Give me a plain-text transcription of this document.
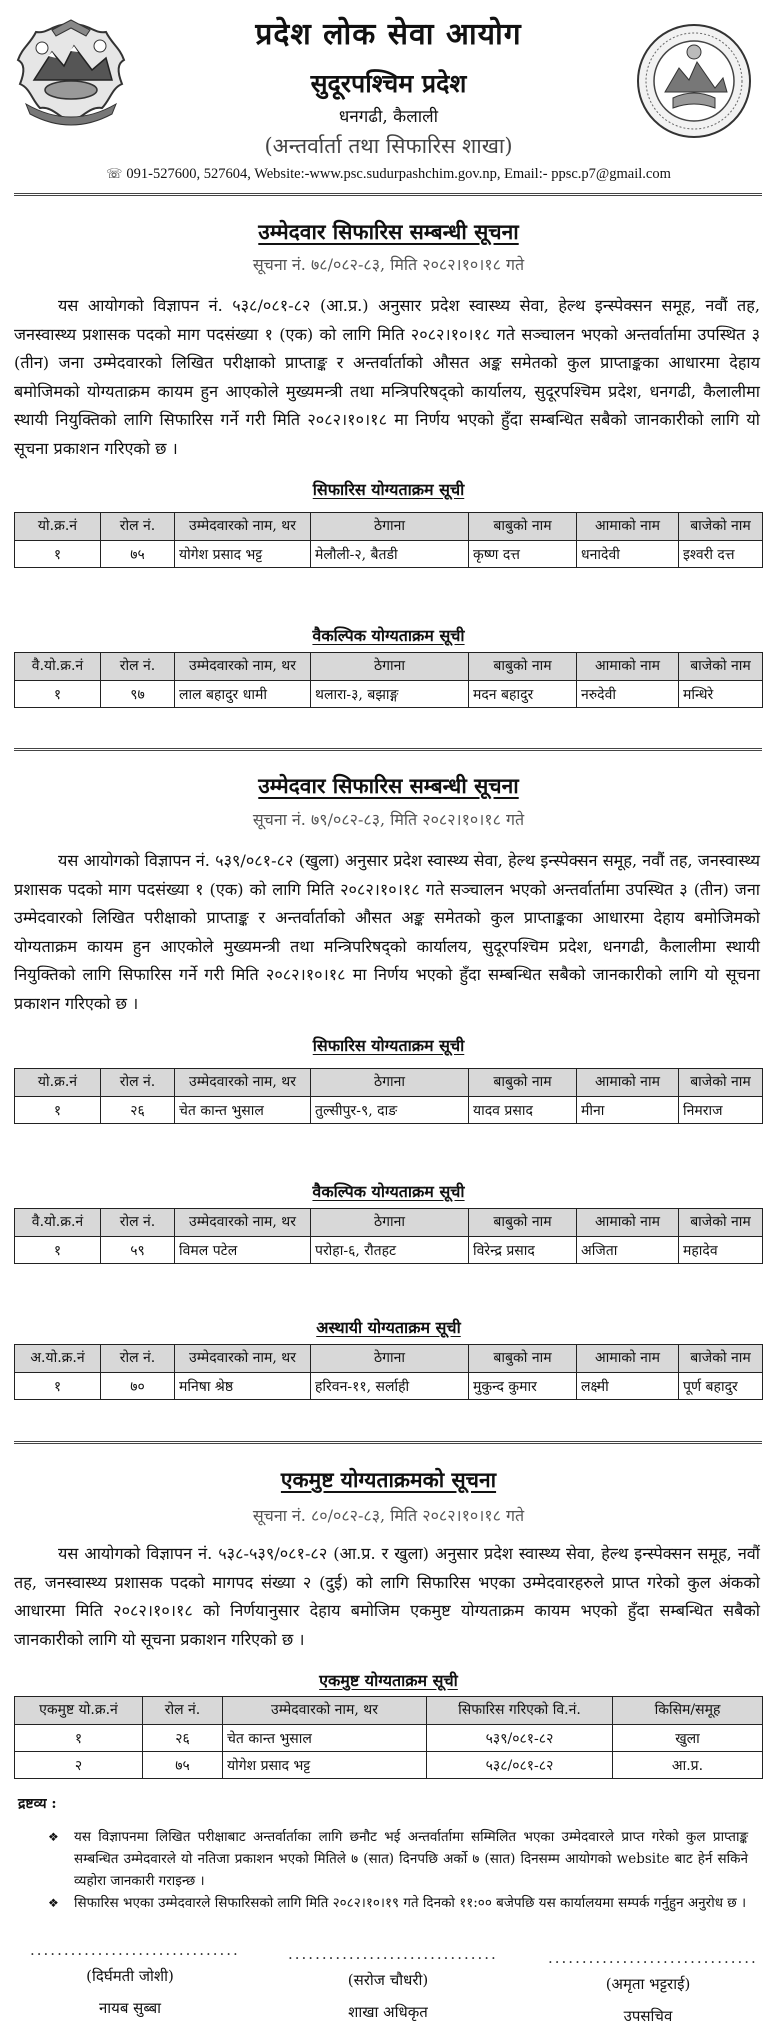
प्रदेश लोक सेवा आयोग
सुदूरपश्चिम प्रदेश
धनगढी, कैलाली
(अन्तर्वार्ता तथा सिफारिस शाखा)
☏ 091-527600, 527604, Website:-www.psc.sudurpashchim.gov.np, Email:- ppsc.p7@gmail.com
उम्मेदवार सिफारिस सम्बन्धी सूचना
सूचना नं. ७८/०८२-८३, मिति २०८२।१०।१८ गते

यस आयोगको विज्ञापन नं. ५३८/०८१-८२ (आ.प्र.) अनुसार प्रदेश स्वास्थ्य सेवा, हेल्थ इन्स्पेक्सन समूह, नवौं तह, जनस्वास्थ्य प्रशासक पदको माग पदसंख्या १ (एक) को लागि मिति २०८२।१०।१८ गते सञ्चालन भएको अन्तर्वार्तामा उपस्थित ३ (तीन) जना उम्मेदवारको लिखित परीक्षाको प्राप्ताङ्क र अन्तर्वार्ताको औसत अङ्क समेतको कुल प्राप्ताङ्कका आधारमा देहाय बमोजिमको योग्यताक्रम कायम हुन आएकोले मुख्यमन्त्री तथा मन्त्रिपरिषद्को कार्यालय, सुदूरपश्चिम प्रदेश, धनगढी, कैलालीमा स्थायी नियुक्तिको लागि सिफारिस गर्ने गरी मिति २०८२।१०।१८ मा निर्णय भएको हुँदा सम्बन्धित सबैको जानकारीको लागि यो सूचना प्रकाशन गरिएको छ ।

सिफारिस योग्यताक्रम सूची
यो.क्र.नं	रोल नं.	उम्मेदवारको नाम, थर	ठेगाना	बाबुको नाम	आमाको नाम	बाजेको नाम
१	७५	योगेश प्रसाद भट्ट	मेलौली-२, बैतडी	कृष्ण दत्त	धनादेवी	इश्वरी दत्त
वैकल्पिक योग्यताक्रम सूची
वै.यो.क्र.नं	रोल नं.	उम्मेदवारको नाम, थर	ठेगाना	बाबुको नाम	आमाको नाम	बाजेको नाम
१	९७	लाल बहादुर धामी	थलारा-३, बझाङ्ग	मदन बहादुर	नरुदेवी	मन्धिरे
उम्मेदवार सिफारिस सम्बन्धी सूचना
सूचना नं. ७९/०८२-८३, मिति २०८२।१०।१८ गते

यस आयोगको विज्ञापन नं. ५३९/०८१-८२ (खुला) अनुसार प्रदेश स्वास्थ्य सेवा, हेल्थ इन्स्पेक्सन समूह, नवौं तह, जनस्वास्थ्य प्रशासक पदको माग पदसंख्या १ (एक) को लागि मिति २०८२।१०।१८ गते सञ्चालन भएको अन्तर्वार्तामा उपस्थित ३ (तीन) जना उम्मेदवारको लिखित परीक्षाको प्राप्ताङ्क र अन्तर्वार्ताको औसत अङ्क समेतको कुल प्राप्ताङ्कका आधारमा देहाय बमोजिमको योग्यताक्रम कायम हुन आएकोले मुख्यमन्त्री तथा मन्त्रिपरिषद्को कार्यालय, सुदूरपश्चिम प्रदेश, धनगढी, कैलालीमा स्थायी नियुक्तिको लागि सिफारिस गर्ने गरी मिति २०८२।१०।१८ मा निर्णय भएको हुँदा सम्बन्धित सबैको जानकारीको लागि यो सूचना प्रकाशन गरिएको छ ।

सिफारिस योग्यताक्रम सूची
यो.क्र.नं	रोल नं.	उम्मेदवारको नाम, थर	ठेगाना	बाबुको नाम	आमाको नाम	बाजेको नाम
१	२६	चेत कान्त भुसाल	तुल्सीपुर-९, दाङ	यादव प्रसाद	मीना	निमराज
वैकल्पिक योग्यताक्रम सूची
वै.यो.क्र.नं	रोल नं.	उम्मेदवारको नाम, थर	ठेगाना	बाबुको नाम	आमाको नाम	बाजेको नाम
१	५९	विमल पटेल	परोहा-६, रौतहट	विरेन्द्र प्रसाद	अजिता	महादेव
अस्थायी योग्यताक्रम सूची
अ.यो.क्र.नं	रोल नं.	उम्मेदवारको नाम, थर	ठेगाना	बाबुको नाम	आमाको नाम	बाजेको नाम
१	७०	मनिषा श्रेष्ठ	हरिवन-११, सर्लाही	मुकुन्द कुमार	लक्ष्मी	पूर्ण बहादुर
एकमुष्ट योग्यताक्रमको सूचना
सूचना नं. ८०/०८२-८३, मिति २०८२।१०।१८ गते

यस आयोगको विज्ञापन नं. ५३८-५३९/०८१-८२ (आ.प्र. र खुला) अनुसार प्रदेश स्वास्थ्य सेवा, हेल्थ इन्स्पेक्सन समूह, नवौं तह, जनस्वास्थ्य प्रशासक पदको मागपद संख्या २ (दुई) को लागि सिफारिस भएका उम्मेदवारहरुले प्राप्त गरेको कुल अंकको आधारमा मिति २०८२।१०।१८ को निर्णयानुसार देहाय बमोजिम एकमुष्ट योग्यताक्रम कायम भएको हुँदा सम्बन्धित सबैको जानकारीको लागि यो सूचना प्रकाशन गरिएको छ ।

एकमुष्ट योग्यताक्रम सूची
एकमुष्ट यो.क्र.नं	रोल नं.	उम्मेदवारको नाम, थर	सिफारिस गरिएको वि.नं.	किसिम/समूह
१	२६	चेत कान्त भुसाल	५३९/०८१-८२	खुला
२	७५	योगेश प्रसाद भट्ट	५३८/०८१-८२	आ.प्र.
द्रष्टव्य :
❖ यस विज्ञापनमा लिखित परीक्षाबाट अन्तर्वार्ताका लागि छनौट भई अन्तर्वार्तामा सम्मिलित भएका उम्मेदवारले प्राप्त गरेको कुल प्राप्ताङ्क सम्बन्धित उम्मेदवारले यो नतिजा प्रकाशन भएको मितिले ७ (सात) दिनपछि अर्को ७ (सात) दिनसम्म आयोगको website बाट हेर्न सकिने व्यहोरा जानकारी गराइन्छ ।
❖ सिफारिस भएका उम्मेदवारले सिफारिसको लागि मिति २०८२।१०।१९ गते दिनको ११:०० बजेपछि यस कार्यालयमा सम्पर्क गर्नुहुन अनुरोध छ ।
...............................
(दिर्घमती जोशी)
नायब सुब्बा
...............................
(सरोज चौधरी)
शाखा अधिकृत
...............................
(अमृता भट्टराई)
उपसचिव
